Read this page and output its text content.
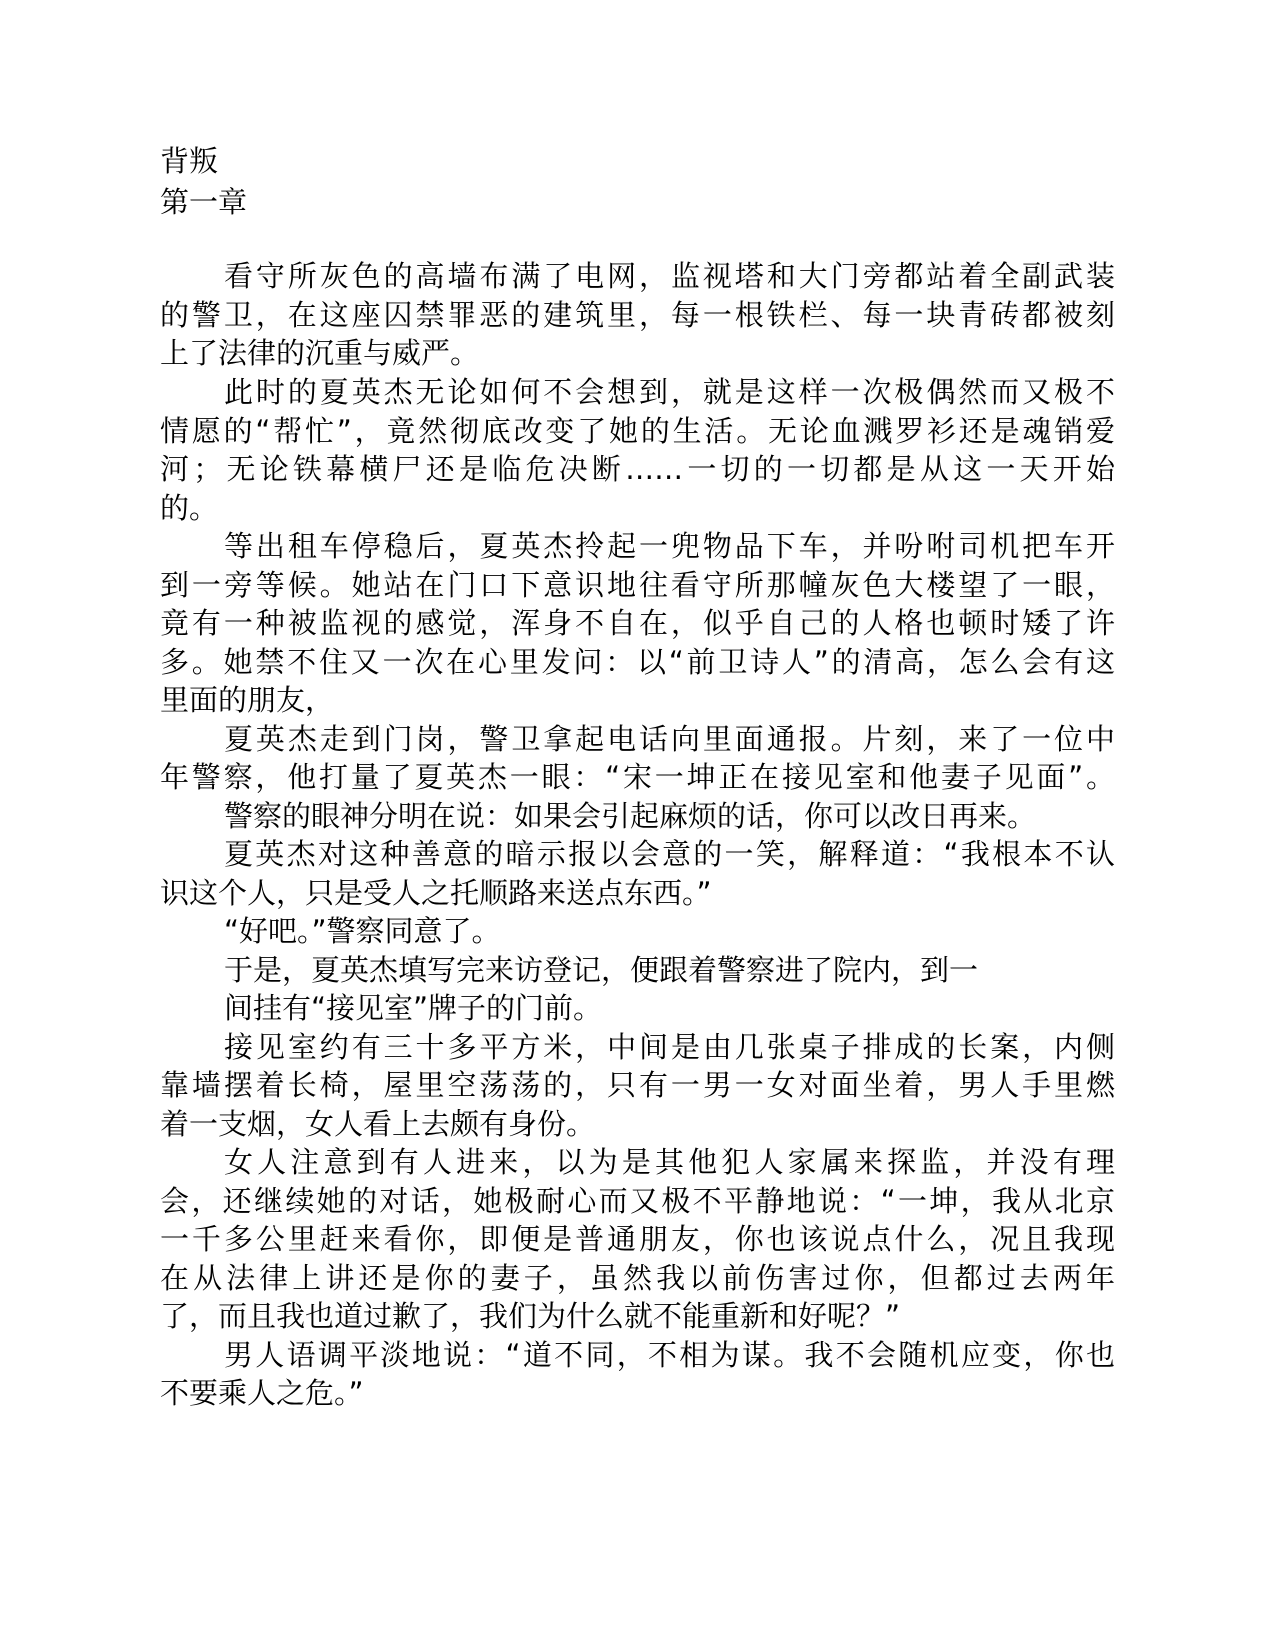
背叛
第一章
看守所灰色的高墙布满了电网，监视塔和大门旁都站着全副武装
的警卫，在这座囚禁罪恶的建筑里，每一根铁栏、每一块青砖都被刻
上了法律的沉重与威严。
此时的夏英杰无论如何不会想到，就是这样一次极偶然而又极不
情愿的“帮忙”，竟然彻底改变了她的生活。无论血溅罗衫还是魂销爱
河；无论铁幕横尸还是临危决断……一切的一切都是从这一天开始
的。
等出租车停稳后，夏英杰拎起一兜物品下车，并吩咐司机把车开
到一旁等候。她站在门口下意识地往看守所那幢灰色大楼望了一眼，
竟有一种被监视的感觉，浑身不自在，似乎自己的人格也顿时矮了许
多。她禁不住又一次在心里发问：以“前卫诗人”的清高，怎么会有这
里面的朋友，
夏英杰走到门岗，警卫拿起电话向里面通报。片刻，来了一位中
年警察，他打量了夏英杰一眼：“宋一坤正在接见室和他妻子见面”。
警察的眼神分明在说：如果会引起麻烦的话，你可以改日再来。
夏英杰对这种善意的暗示报以会意的一笑，解释道：“我根本不认
识这个人，只是受人之托顺路来送点东西。”
“好吧。”警察同意了。
于是，夏英杰填写完来访登记，便跟着警察进了院内，到一
间挂有“接见室”牌子的门前。
接见室约有三十多平方米，中间是由几张桌子排成的长案，内侧
靠墙摆着长椅，屋里空荡荡的，只有一男一女对面坐着，男人手里燃
着一支烟，女人看上去颇有身份。
女人注意到有人进来，以为是其他犯人家属来探监，并没有理
会，还继续她的对话，她极耐心而又极不平静地说：“一坤，我从北京
一千多公里赶来看你，即便是普通朋友，你也该说点什么，况且我现
在从法律上讲还是你的妻子，虽然我以前伤害过你，但都过去两年
了，而且我也道过歉了，我们为什么就不能重新和好呢？”
男人语调平淡地说：“道不同，不相为谋。我不会随机应变，你也
不要乘人之危。”
